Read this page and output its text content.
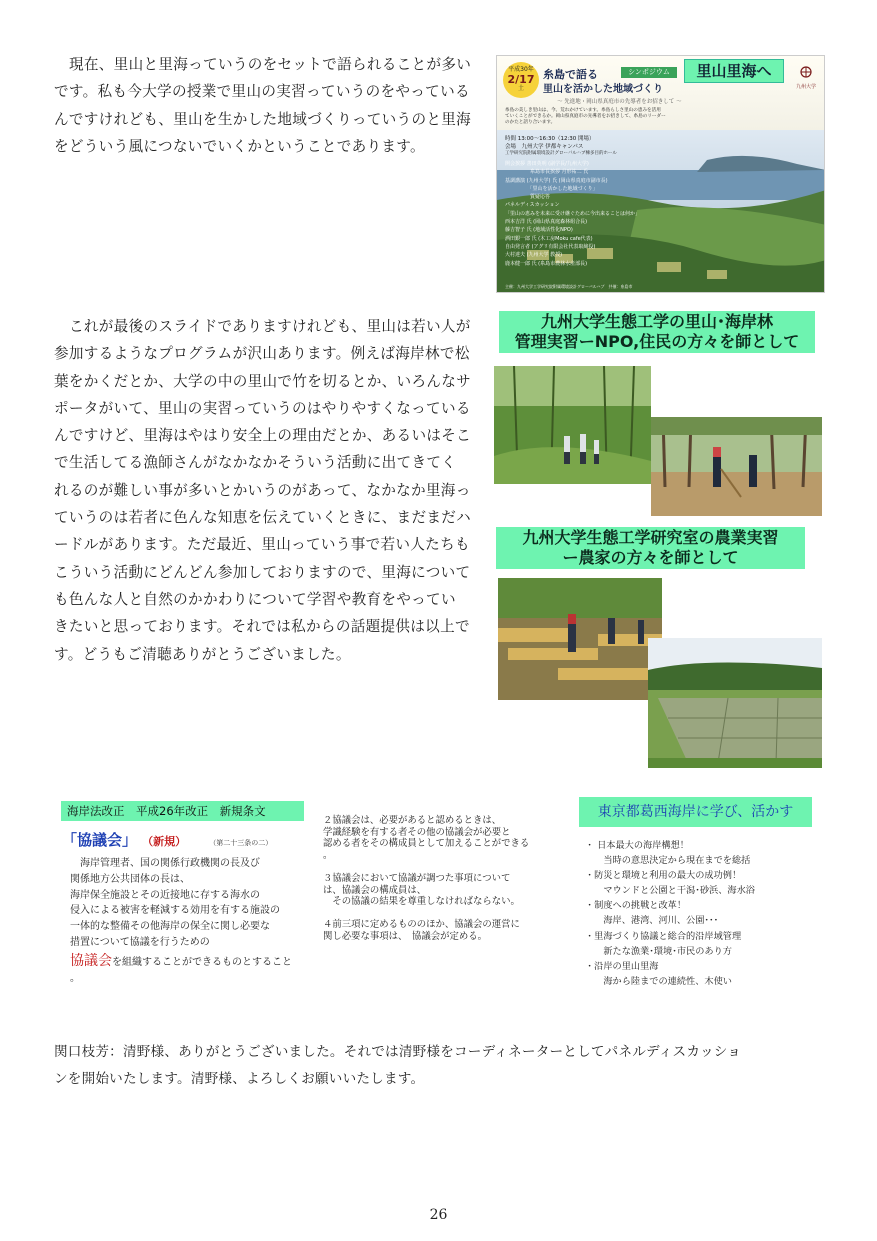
現在、里山と里海っていうのをセットで語られることが多い
です。私も今大学の授業で里山の実習っていうのをやっている
んですけれども、里山を生かした地域づくりっていうのと里海
をどういう風につないでいくかということであります。
平成30年
2/17
土
糸島で語る
里山を活かした地域づくり
シンポジウム
〜 先進地・岡山県真庭市の先導者をお招きして 〜
里山里海へ
九州大学
糸島の美しき里山は、今、荒れかけています。糸島らしさ里山の恵みを活用
ていくことができるか。岡山県真庭市の先導者をお招きして、糸島のリーダー
のかたと語り合います。
時間 13:00〜16:30（12:30 開場）
会場　九州大学 伊都キャンパス
工学研究院附属環境設計グローバルハブ棟多目的ホール
開会挨拶 善田英明 (副学長/九州大学)
　　　　　糸島市長挨拶 月形祐二 氏
基調講演 (九州大学) 氏 (岡山県真庭市副市長)
　　　　　「里山を活かした地域づくり」
　　　　　質疑応答
パネルディスカッション
「里山の恵みを未来に受け継ぐために今出来ることは何か」
西本吉洋 氏 (岡山県真庭森林組合長)
藤吉智子 氏 (地域活性化NPO)
酒田銀一郎 氏 (木工房Moku cafe代表)
自由発言者 (アグリ有限会社代表取締役)
大村達夫 (九州大学 教授)
鹿本健一郎 氏 (糸島市農林水産部長)
主催：九州大学工学研究院附属環境設計グローバルハブ　共催：糸島市
これが最後のスライドでありますけれども、里山は若い人が
参加するようなプログラムが沢山あります。例えば海岸林で松
葉をかくだとか、大学の中の里山で竹を切るとか、いろんなサ
ポータがいて、里山の実習っていうのはやりやすくなっている
んですけど、里海はやはり安全上の理由だとか、あるいはそこ
で生活してる漁師さんがなかなかそういう活動に出てきてく
れるのが難しい事が多いとかいうのがあって、なかなか里海っ
ていうのは若者に色んな知恵を伝えていくときに、まだまだハ
ードルがあります。ただ最近、里山っていう事で若い人たちも
こういう活動にどんどん参加しておりますので、里海について
も色んな人と自然のかかわりについて学習や教育をやってい
きたいと思っております。それでは私からの話題提供は以上で
す。どうもご清聴ありがとうございました。
九州大学生態工学の里山･海岸林
管理実習ーNPO,住民の方々を師として
九州大学生態工学研究室の農業実習
ー農家の方々を師として
海岸法改正　平成26年改正　新規条文
「協議会」 （新規）	（第二十三条の二）
　海岸管理者、国の関係行政機関の長及び
関係地方公共団体の長は、
海岸保全施設とその近接地に存する海水の
侵入による被害を軽減する効用を有する施設の
一体的な整備その他海岸の保全に関し必要な
措置について協議を行うための
協議会を組織することができるものとすること
。
２協議会は、必要があると認めるときは、
学識経験を有する者その他の協議会が必要と
認める者をその構成員として加えることができる
。

３協議会において協議が調つた事項について
は、協議会の構成員は、
　その協議の結果を尊重しなければならない。

４前三項に定めるもののほか、協議会の運営に
関し必要な事項は、　協議会が定める。
東京都葛西海岸に学び、活かす
・ 日本最大の海岸構想！
　　当時の意思決定から現在までを総括
・防災と環境と利用の最大の成功例！
　　マウンドと公園と干潟･砂浜、海水浴
・制度への挑戦と改革！
　　海岸、港湾、河川、公園･･･
・里海づくり協議と総合的沿岸域管理
　　新たな漁業･環境･市民のあり方
・沿岸の里山里海
　　海から陸までの連続性、木使い
関口枝芳：清野様、ありがとうございました。それでは清野様をコーディネーターとしてパネルディスカッショ
ンを開始いたします。清野様、よろしくお願いいたします。
26
